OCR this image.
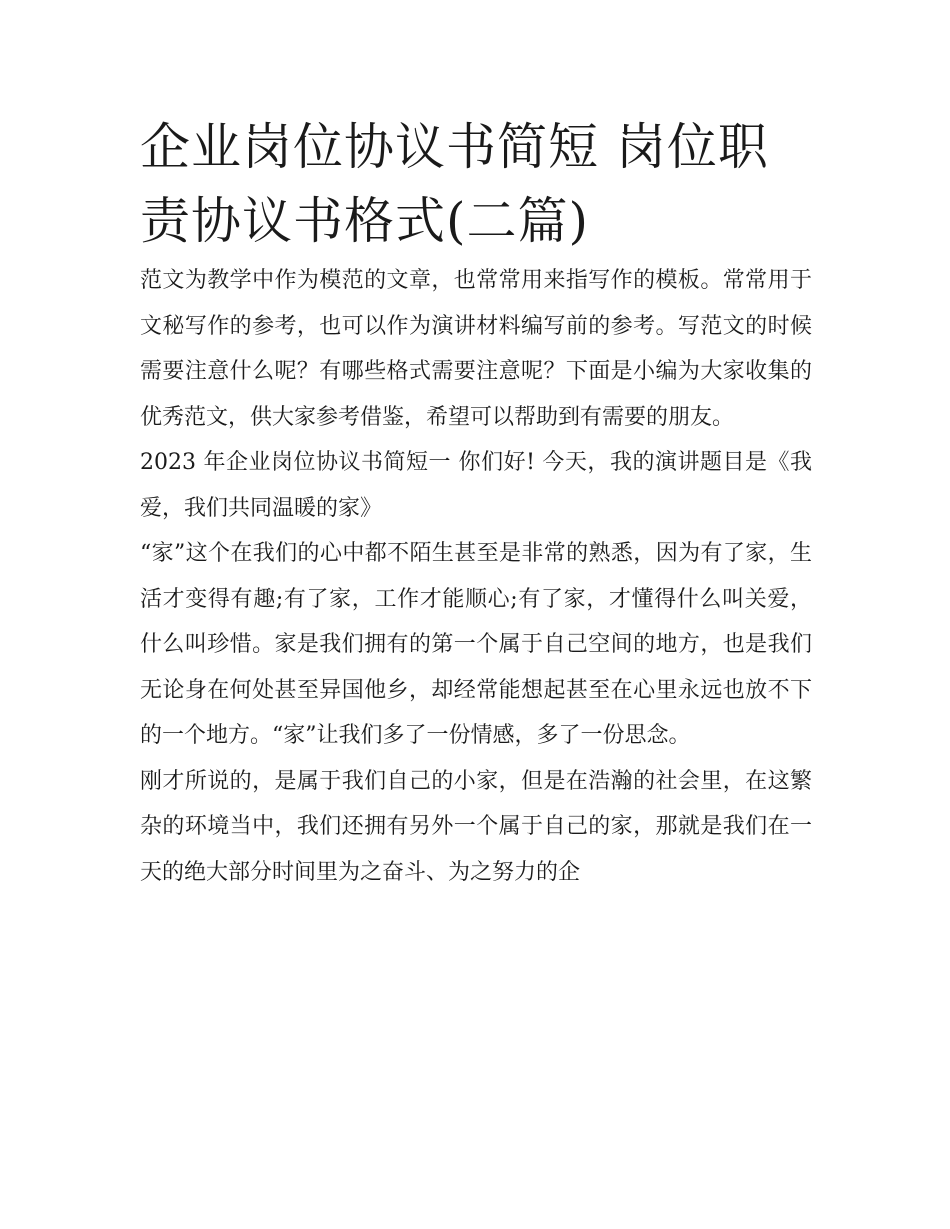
企业岗位协议书简短 岗位职责协议书格式(二篇)

范文为教学中作为模范的文章，也常常用来指写作的模板。常常用于文秘写作的参考，也可以作为演讲材料编写前的参考。写范文的时候需要注意什么呢？有哪些格式需要注意呢？下面是小编为大家收集的优秀范文，供大家参考借鉴，希望可以帮助到有需要的朋友。

2023 年企业岗位协议书简短一 你们好! 今天，我的演讲题目是《我爱，我们共同温暖的家》

“家”这个在我们的心中都不陌生甚至是非常的熟悉，因为有了家，生活才变得有趣;有了家，工作才能顺心;有了家，才懂得什么叫关爱，什么叫珍惜。家是我们拥有的第一个属于自己空间的地方，也是我们无论身在何处甚至异国他乡，却经常能想起甚至在心里永远也放不下的一个地方。“家”让我们多了一份情感，多了一份思念。

刚才所说的，是属于我们自己的小家，但是在浩瀚的社会里，在这繁杂的环境当中，我们还拥有另外一个属于自己的家，那就是我们在一天的绝大部分时间里为之奋斗、为之努力的企
